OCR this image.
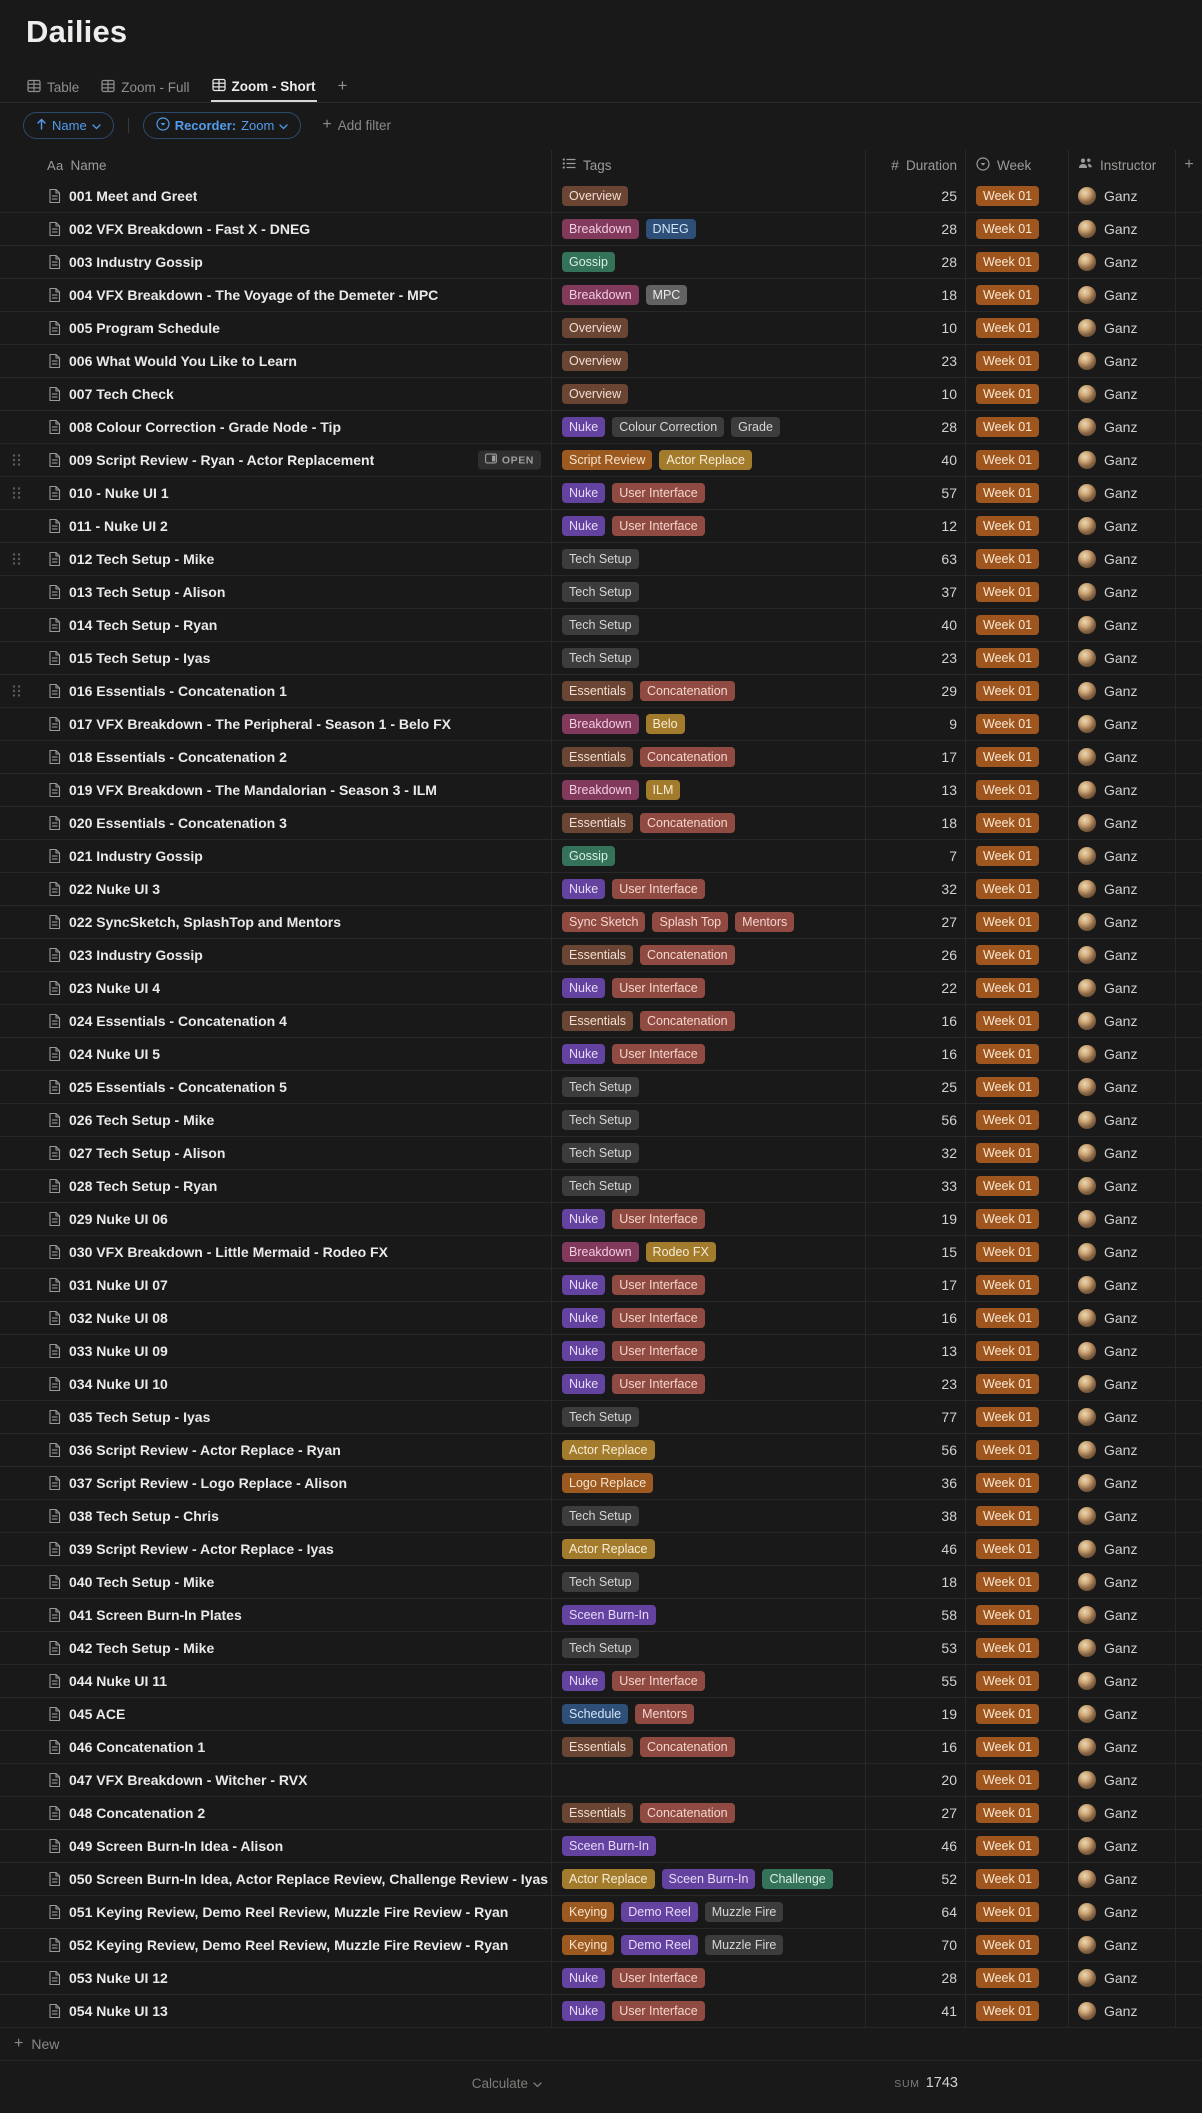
Dailies
Table	Zoom - Full	Zoom - Short +
Name	Recorder: Zoom	+ Add filter
Aa Name	Tags	# Duration	Week	Instructor +
001 Meet and Greet	Overview	25	Week 01	Ganz
002 VFX Breakdown - Fast X - DNEG	Breakdown	DNEG	28	Week 01	Ganz
003 Industry Gossip	Gossip	28	Week 01	Ganz
004 VFX Breakdown - The Voyage of the Demeter - MPC	Breakdown	MPC	18	Week 01	Ganz
005 Program Schedule	Overview	10	Week 01	Ganz
006 What Would You Like to Learn	Overview	23	Week 01	Ganz
007 Tech Check	Overview	10	Week 01	Ganz
008 Colour Correction - Grade Node - Tip	Nuke	Colour Correction	Grade	28	Week 01	Ganz
009 Script Review - Ryan - Actor Replacement	OPEN	Script Review	Actor Replace	40	Week 01	Ganz
010 - Nuke UI 1	Nuke	User Interface	57	Week 01	Ganz
011 - Nuke UI 2	Nuke	User Interface	12	Week 01	Ganz
012 Tech Setup - Mike	Tech Setup	63	Week 01	Ganz
013 Tech Setup - Alison	Tech Setup	37	Week 01	Ganz
014 Tech Setup - Ryan	Tech Setup	40	Week 01	Ganz
015 Tech Setup - Iyas	Tech Setup	23	Week 01	Ganz
016 Essentials - Concatenation 1	Essentials	Concatenation	29	Week 01	Ganz
017 VFX Breakdown - The Peripheral - Season 1 - Belo FX	Breakdown	Belo	9	Week 01	Ganz
018 Essentials - Concatenation 2	Essentials	Concatenation	17	Week 01	Ganz
019 VFX Breakdown - The Mandalorian - Season 3 - ILM	Breakdown	ILM	13	Week 01	Ganz
020 Essentials - Concatenation 3	Essentials	Concatenation	18	Week 01	Ganz
021 Industry Gossip	Gossip	7	Week 01	Ganz
022 Nuke UI 3	Nuke	User Interface	32	Week 01	Ganz
022 SyncSketch, SplashTop and Mentors	Sync Sketch	Splash Top	Mentors	27	Week 01	Ganz
023 Industry Gossip	Essentials	Concatenation	26	Week 01	Ganz
023 Nuke UI 4	Nuke	User Interface	22	Week 01	Ganz
024 Essentials - Concatenation 4	Essentials	Concatenation	16	Week 01	Ganz
024 Nuke UI 5	Nuke	User Interface	16	Week 01	Ganz
025 Essentials - Concatenation 5	Tech Setup	25	Week 01	Ganz
026 Tech Setup - Mike	Tech Setup	56	Week 01	Ganz
027 Tech Setup - Alison	Tech Setup	32	Week 01	Ganz
028 Tech Setup - Ryan	Tech Setup	33	Week 01	Ganz
029 Nuke UI 06	Nuke	User Interface	19	Week 01	Ganz
030 VFX Breakdown - Little Mermaid - Rodeo FX	Breakdown	Rodeo FX	15	Week 01	Ganz
031 Nuke UI 07	Nuke	User Interface	17	Week 01	Ganz
032 Nuke UI 08	Nuke	User Interface	16	Week 01	Ganz
033 Nuke UI 09	Nuke	User Interface	13	Week 01	Ganz
034 Nuke UI 10	Nuke	User Interface	23	Week 01	Ganz
035 Tech Setup - Iyas	Tech Setup	77	Week 01	Ganz
036 Script Review - Actor Replace - Ryan	Actor Replace	56	Week 01	Ganz
037 Script Review - Logo Replace - Alison	Logo Replace	36	Week 01	Ganz
038 Tech Setup - Chris	Tech Setup	38	Week 01	Ganz
039 Script Review - Actor Replace - Iyas	Actor Replace	46	Week 01	Ganz
040 Tech Setup - Mike	Tech Setup	18	Week 01	Ganz
041 Screen Burn-In Plates	Sceen Burn-In	58	Week 01	Ganz
042 Tech Setup - Mike	Tech Setup	53	Week 01	Ganz
044 Nuke UI 11	Nuke	User Interface	55	Week 01	Ganz
045 ACE	Schedule	Mentors	19	Week 01	Ganz
046 Concatenation 1	Essentials	Concatenation	16	Week 01	Ganz
047 VFX Breakdown - Witcher - RVX	20	Week 01	Ganz
048 Concatenation 2	Essentials	Concatenation	27	Week 01	Ganz
049 Screen Burn-In Idea - Alison	Sceen Burn-In	46	Week 01	Ganz
050 Screen Burn-In Idea, Actor Replace Review, Challenge Review - Iyas	Actor Replace	Sceen Burn-In	Challenge	52	Week 01	Ganz
051 Keying Review, Demo Reel Review, Muzzle Fire Review - Ryan	Keying	Demo Reel	Muzzle Fire	64	Week 01	Ganz
052 Keying Review, Demo Reel Review, Muzzle Fire Review - Ryan	Keying	Demo Reel	Muzzle Fire	70	Week 01	Ganz
053 Nuke UI 12	Nuke	User Interface	28	Week 01	Ganz
054 Nuke UI 13	Nuke	User Interface	41	Week 01	Ganz
+ New
Calculate	SUM 1743
